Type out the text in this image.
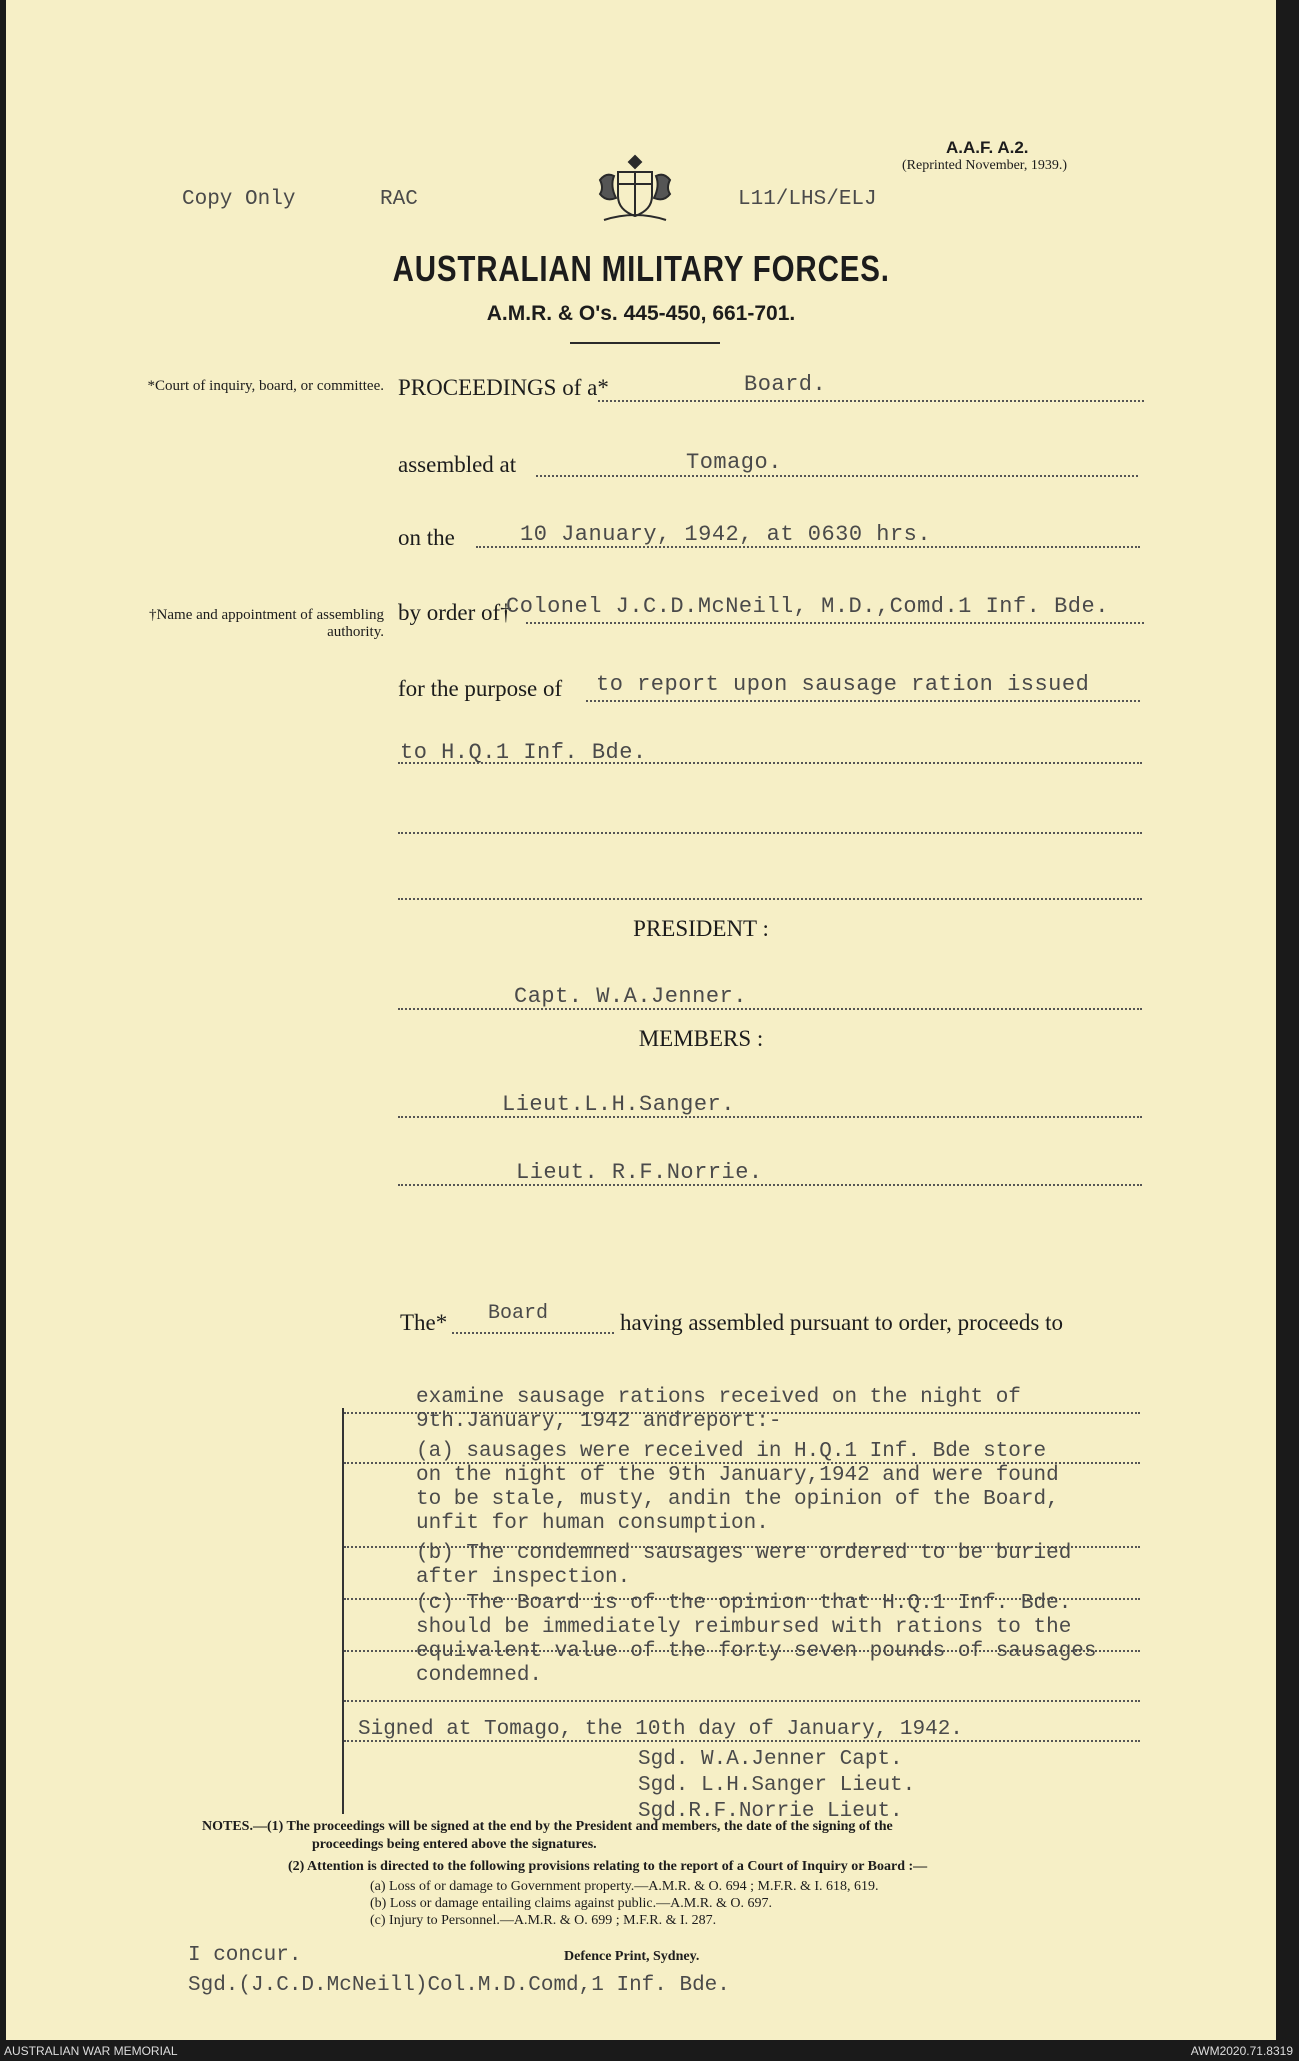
A.A.F. A.2.
(Reprinted November, 1939.)
Copy Only	RAC	L11/LHS/ELJ
AUSTRALIAN MILITARY FORCES.
A.M.R. & O's. 445-450, 661-701.
*Court of inquiry, board, or committee.
†Name and appointment of assembling authority.
PROCEEDINGS of a*	Board.
assembled at	Tomago.
on the	10 January, 1942, at 0630 hrs.
by order of†
Colonel J.C.D.McNeill, M.D.,Comd.1 Inf. Bde.
for the purpose of to report upon sausage ration issued
to H.Q.1 Inf. Bde.
PRESIDENT :
Capt. W.A.Jenner.
MEMBERS :
Lieut.L.H.Sanger.
Lieut. R.F.Norrie.
The* Board	having assembled pursuant to order, proceeds to
examine sausage rations received on the night of
9th.January, 1942 andreport:-
(a) sausages were received in H.Q.1 Inf. Bde store
on the night of the 9th January,1942 and were found
to be stale, musty, andin the opinion of the Board,
unfit for human consumption.
(b) The condemned sausages were ordered to be buried
after inspection.
(c) The Board is of the opinion that H.Q.1 Inf. Bde.
should be immediately reimbursed with rations to the
equivalent value of the forty seven pounds of sausages
condemned.
Signed at Tomago, the 10th day of January, 1942.
Sgd. W.A.Jenner Capt.
Sgd. L.H.Sanger Lieut.
Sgd.R.F.Norrie Lieut.
NOTES.—(1) The proceedings will be signed at the end by the President and members, the date of the signing of the
proceedings being entered above the signatures.
(2) Attention is directed to the following provisions relating to the report of a Court of Inquiry or Board :—
(a) Loss of or damage to Government property.—A.M.R. & O. 694 ; M.F.R. & I. 618, 619.
(b) Loss or damage entailing claims against public.—A.M.R. & O. 697.
(c) Injury to Personnel.—A.M.R. & O. 699 ; M.F.R. & I. 287.
Defence Print, Sydney.
I concur.
Sgd.(J.C.D.McNeill)Col.M.D.Comd,1 Inf. Bde.
AUSTRALIAN WAR MEMORIAL	AWM2020.71.8319
